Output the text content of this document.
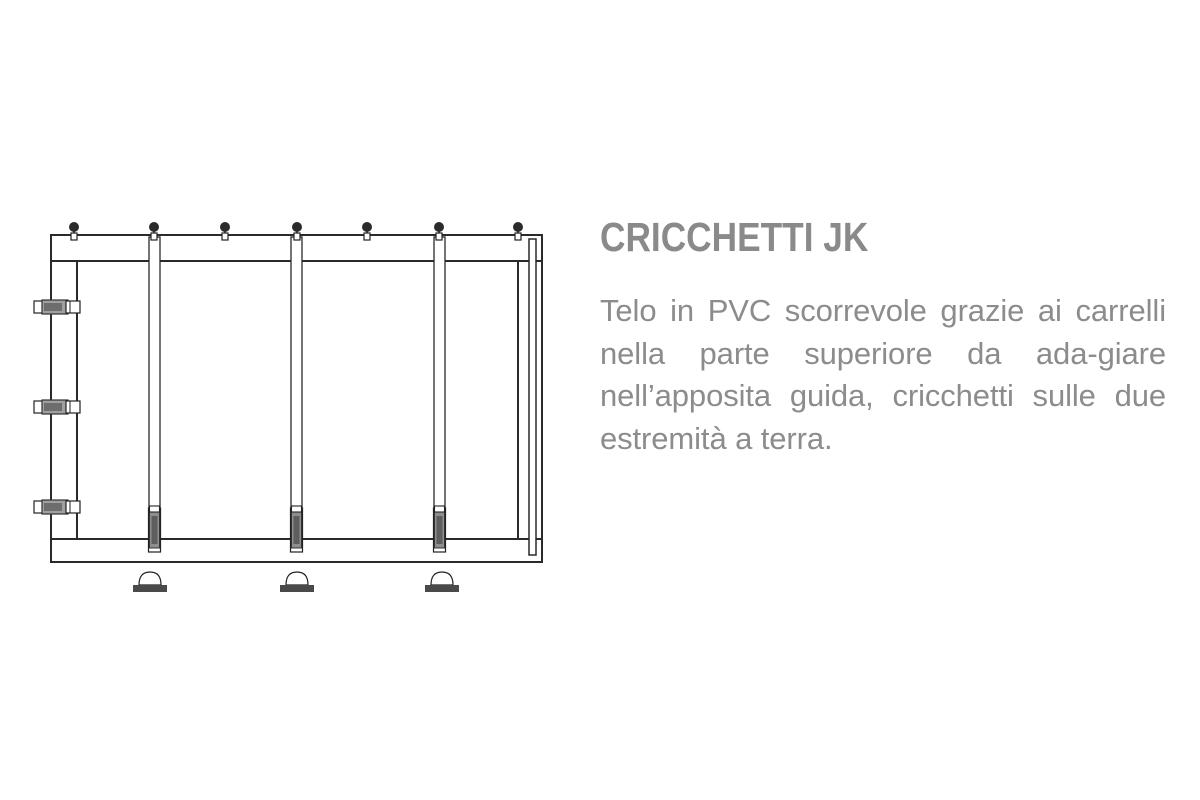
CRICCHETTI JK

Telo in PVC scorrevole grazie ai carrelli nella parte superiore da ada-giare nell’apposita guida, cricchetti sulle due estremità a terra.
